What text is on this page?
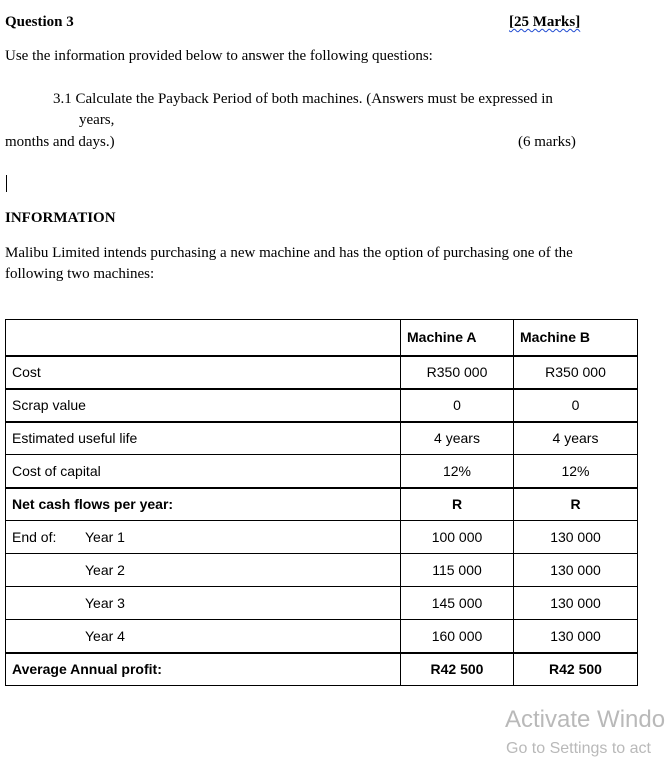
Question 3	[25 Marks]
Use the information provided below to answer the following questions:
3.1 Calculate the Payback Period of both machines. (Answers must be expressed in
years,
months and days.)	(6 marks)
INFORMATION
Malibu Limited intends purchasing a new machine and has the option of purchasing one of the
following two machines:
	Machine A	Machine B
Cost	R350 000	R350 000
Scrap value	0	0
Estimated useful life	4 years	4 years
Cost of capital	12%	12%
Net cash flows per year:	R	R
End of: Year 1	100 000	130 000
Year 2	115 000	130 000
Year 3	145 000	130 000
Year 4	160 000	130 000
Average Annual profit:	R42 500	R42 500
Activate Windo
Go to Settings to act
